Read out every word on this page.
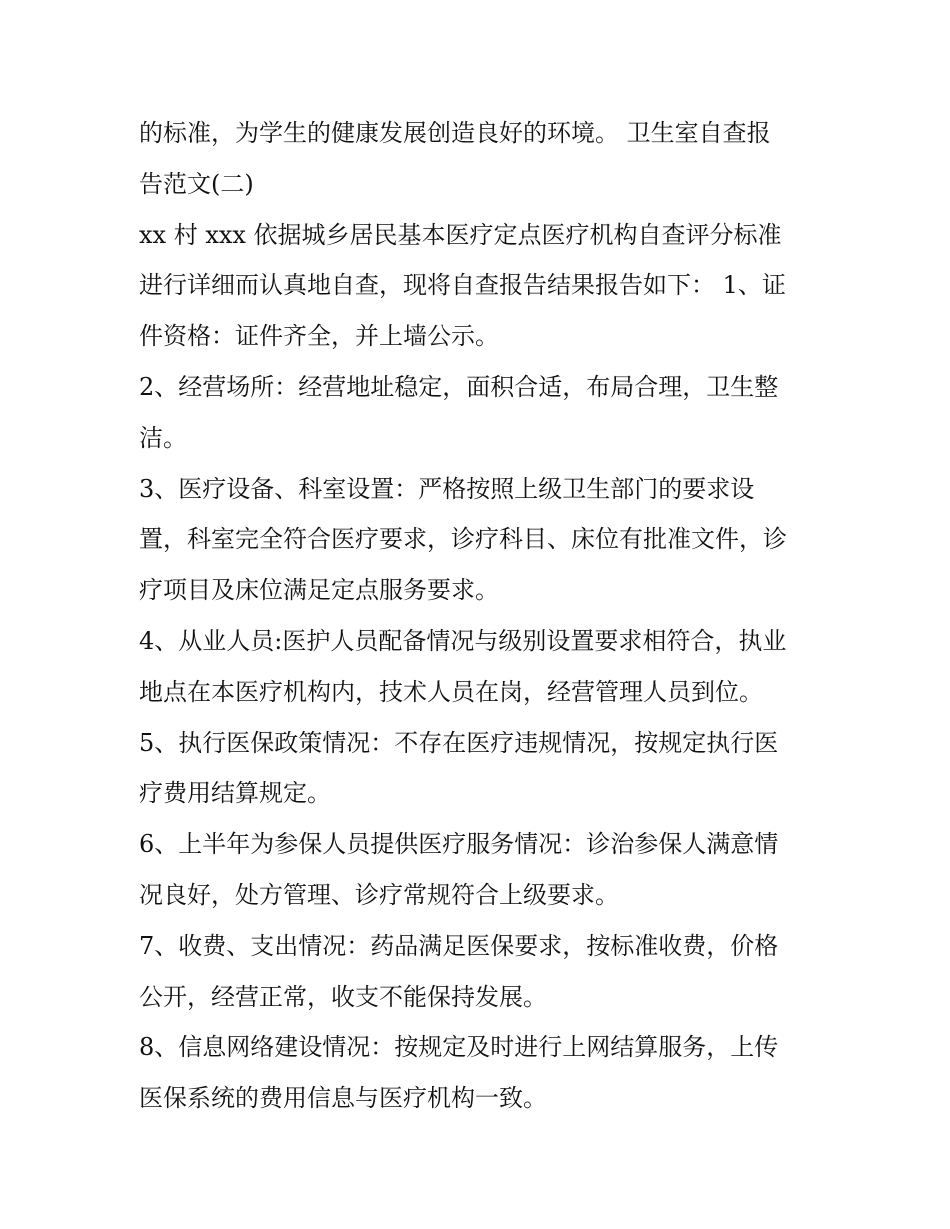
的标准，为学生的健康发展创造良好的环境。 卫生室自查报
告范文(二)
xx 村 xxx 依据城乡居民基本医疗定点医疗机构自查评分标准
进行详细而认真地自查，现将自查报告结果报告如下： 1、证
件资格：证件齐全，并上墙公示。
2、经营场所：经营地址稳定，面积合适，布局合理，卫生整
洁。
3、医疗设备、科室设置：严格按照上级卫生部门的要求设
置，科室完全符合医疗要求，诊疗科目、床位有批准文件，诊
疗项目及床位满足定点服务要求。
4、从业人员:医护人员配备情况与级别设置要求相符合，执业
地点在本医疗机构内，技术人员在岗，经营管理人员到位。
5、执行医保政策情况：不存在医疗违规情况，按规定执行医
疗费用结算规定。
6、上半年为参保人员提供医疗服务情况：诊治参保人满意情
况良好，处方管理、诊疗常规符合上级要求。
7、收费、支出情况：药品满足医保要求，按标准收费，价格
公开，经营正常，收支不能保持发展。
8、信息网络建设情况：按规定及时进行上网结算服务，上传
医保系统的费用信息与医疗机构一致。
